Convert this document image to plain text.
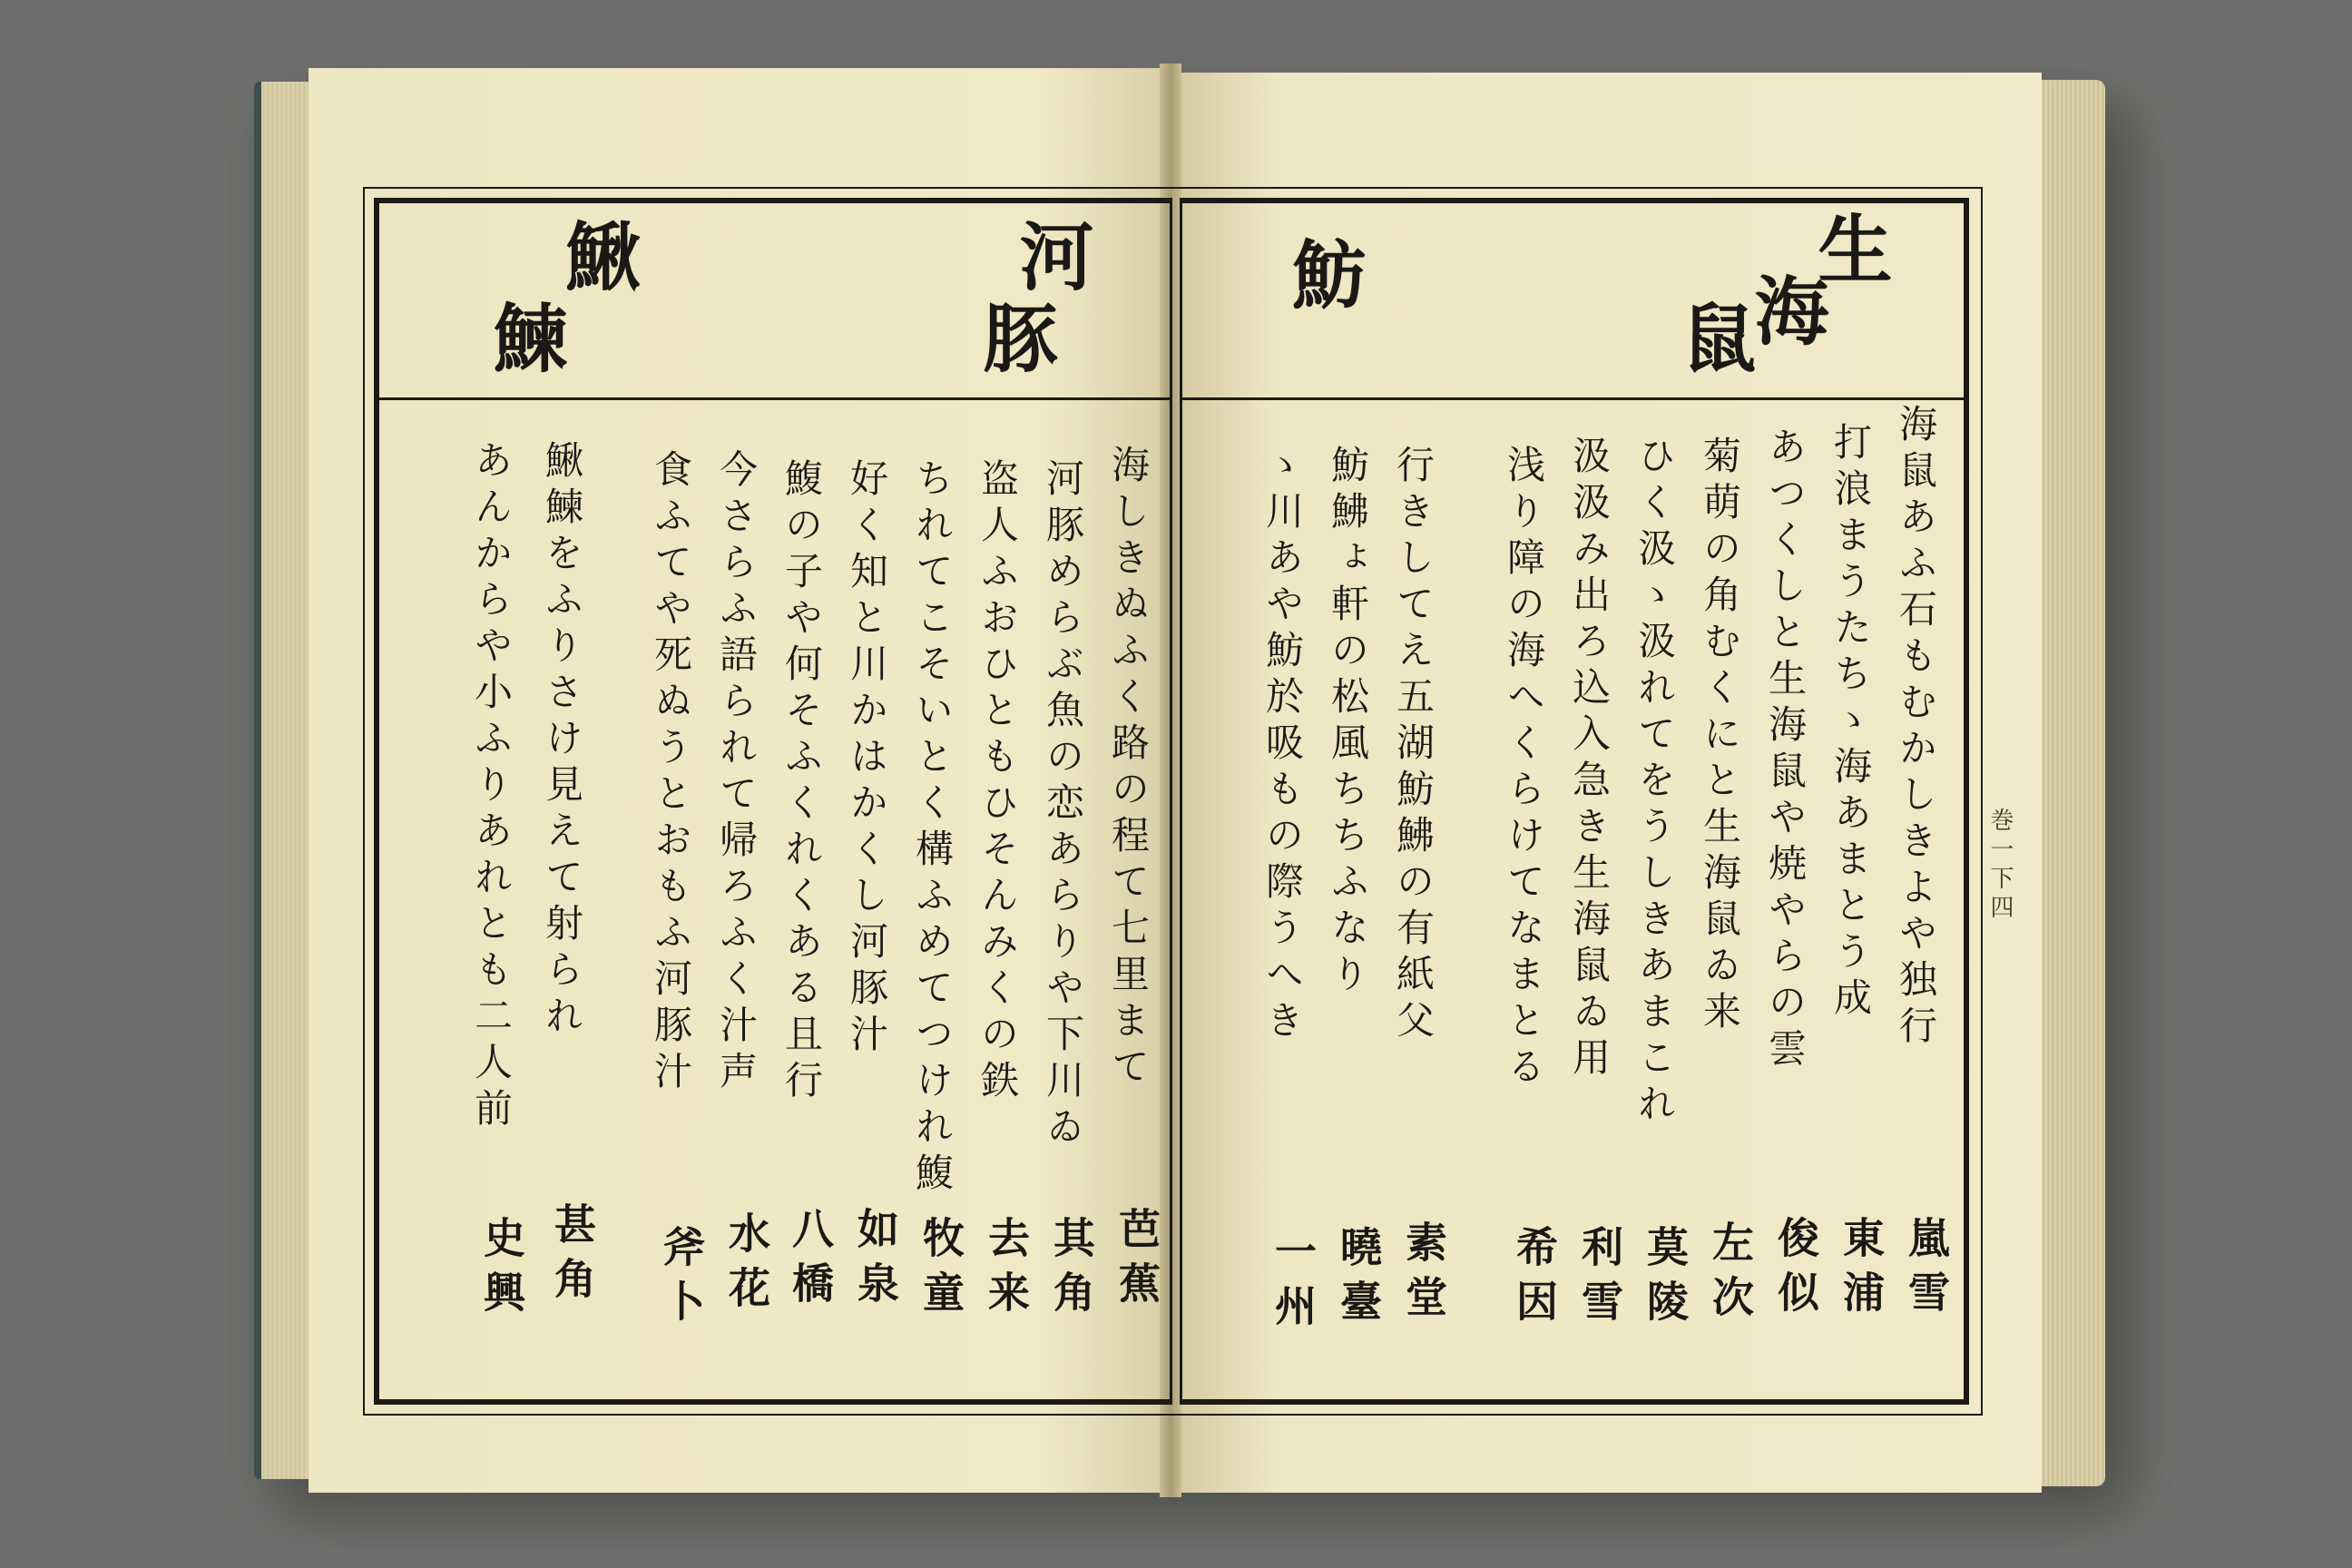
河
豚
鰍
鰊
生
海
鼠
魴
海しきぬふく路の程て七里まて
河豚めらぶ魚の恋あらりや下川ゐ
盗人ふおひともひそんみくの鉄
ちれてこそいとく構ふめてつけれ鰒
好く知と川かはかくし河豚汁
鰒の子や何そふくれくある且行
今さらふ語られて帰ろふく汁声
食ふてや死ぬうとおもふ河豚汁
鰍鰊をふりさけ見えて射られ
あんからや小ふりあれとも二人前
芭蕉
其角
去来
牧童
如泉
八橋
水花
斧卜
甚角
史興
海鼠あふ石もむかしきよや独行
打浪まうたちゝ海あまとう成
あつくしと生海鼠や焼やらの雲
菊萌の角むくにと生海鼠ゐ来
ひく汲ゝ汲れてをうしきあまこれ
汲汲み出ろ込入急き生海鼠ゐ用
浅り障の海へくらけてなまとる
行きしてえ五湖魴鮄の有紙父
魴鮄ょ軒の松風ちちふなり
ゝ川あや魴於吸もの際うへき
嵐雪
東浦
俊似
左次
莫陵
利雪
希因
素堂
曉臺
一州
巻一下四
